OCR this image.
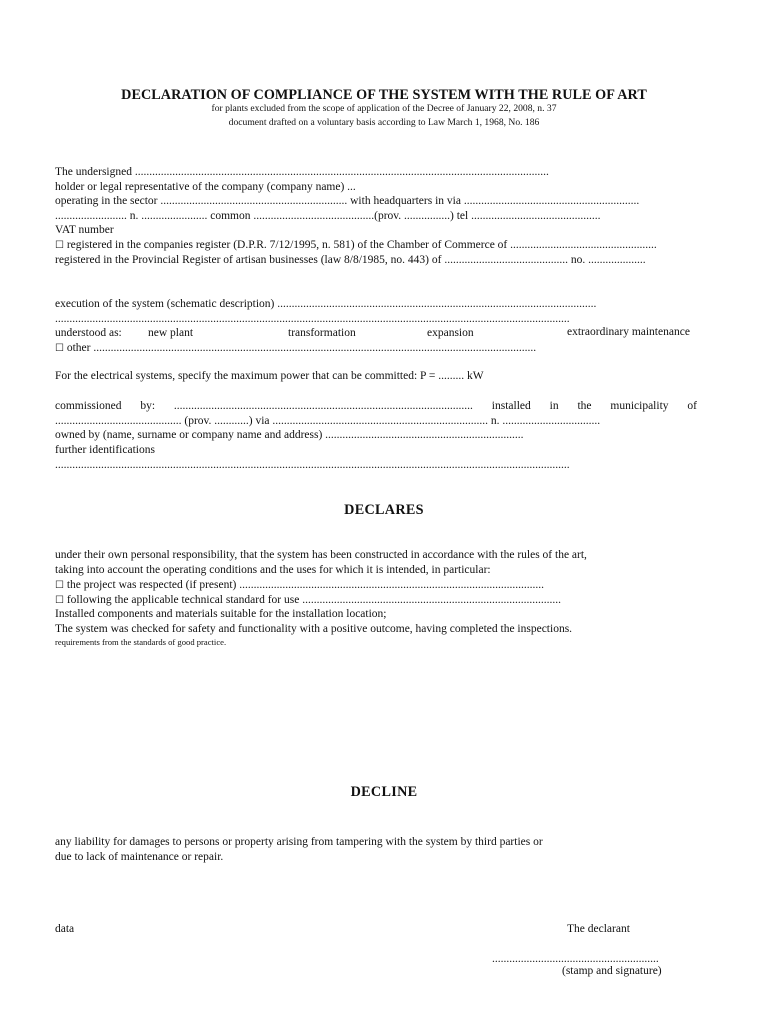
DECLARATION OF COMPLIANCE OF THE SYSTEM WITH THE RULE OF ART
for plants excluded from the scope of application of the Decree of January 22, 2008, n. 37
document drafted on a voluntary basis according to Law March 1, 1968, No. 186
The undersigned ................................................................................................................................................
holder or legal representative of the company (company name) ...
operating in the sector ................................................................. with headquarters in via .............................................................
......................... n. ....................... common ..........................................(prov. ................) tel .............................................
VAT number
☐ registered in the companies register (D.P.R. 7/12/1995, n. 581) of the Chamber of Commerce of ...................................................
registered in the Provincial Register of artisan businesses (law 8/8/1985, no. 443) of ........................................... no. ....................
execution of the system (schematic description) ...............................................................................................................
...................................................................................................................................................................................
understood as: new plant	transformation	expansion	extraordinary maintenance
☐ other ..........................................................................................................................................................
For the electrical systems, specify the maximum power that can be committed: P = ......... kW
commissioned by: ........................................................................................................ installed in the municipality of
............................................ (prov. ............) via ........................................................................... n. ..................................
owned by (name, surname or company name and address) .....................................................................
further identifications
...................................................................................................................................................................................
DECLARES
under their own personal responsibility, that the system has been constructed in accordance with the rules of the art,
taking into account the operating conditions and the uses for which it is intended, in particular:
☐ the project was respected (if present) ..........................................................................................................
☐ following the applicable technical standard for use ..........................................................................................
Installed components and materials suitable for the installation location;
The system was checked for safety and functionality with a positive outcome, having completed the inspections.
requirements from the standards of good practice.
DECLINE
any liability for damages to persons or property arising from tampering with the system by third parties or
due to lack of maintenance or repair.
data	The declarant
..........................................................
(stamp and signature)
